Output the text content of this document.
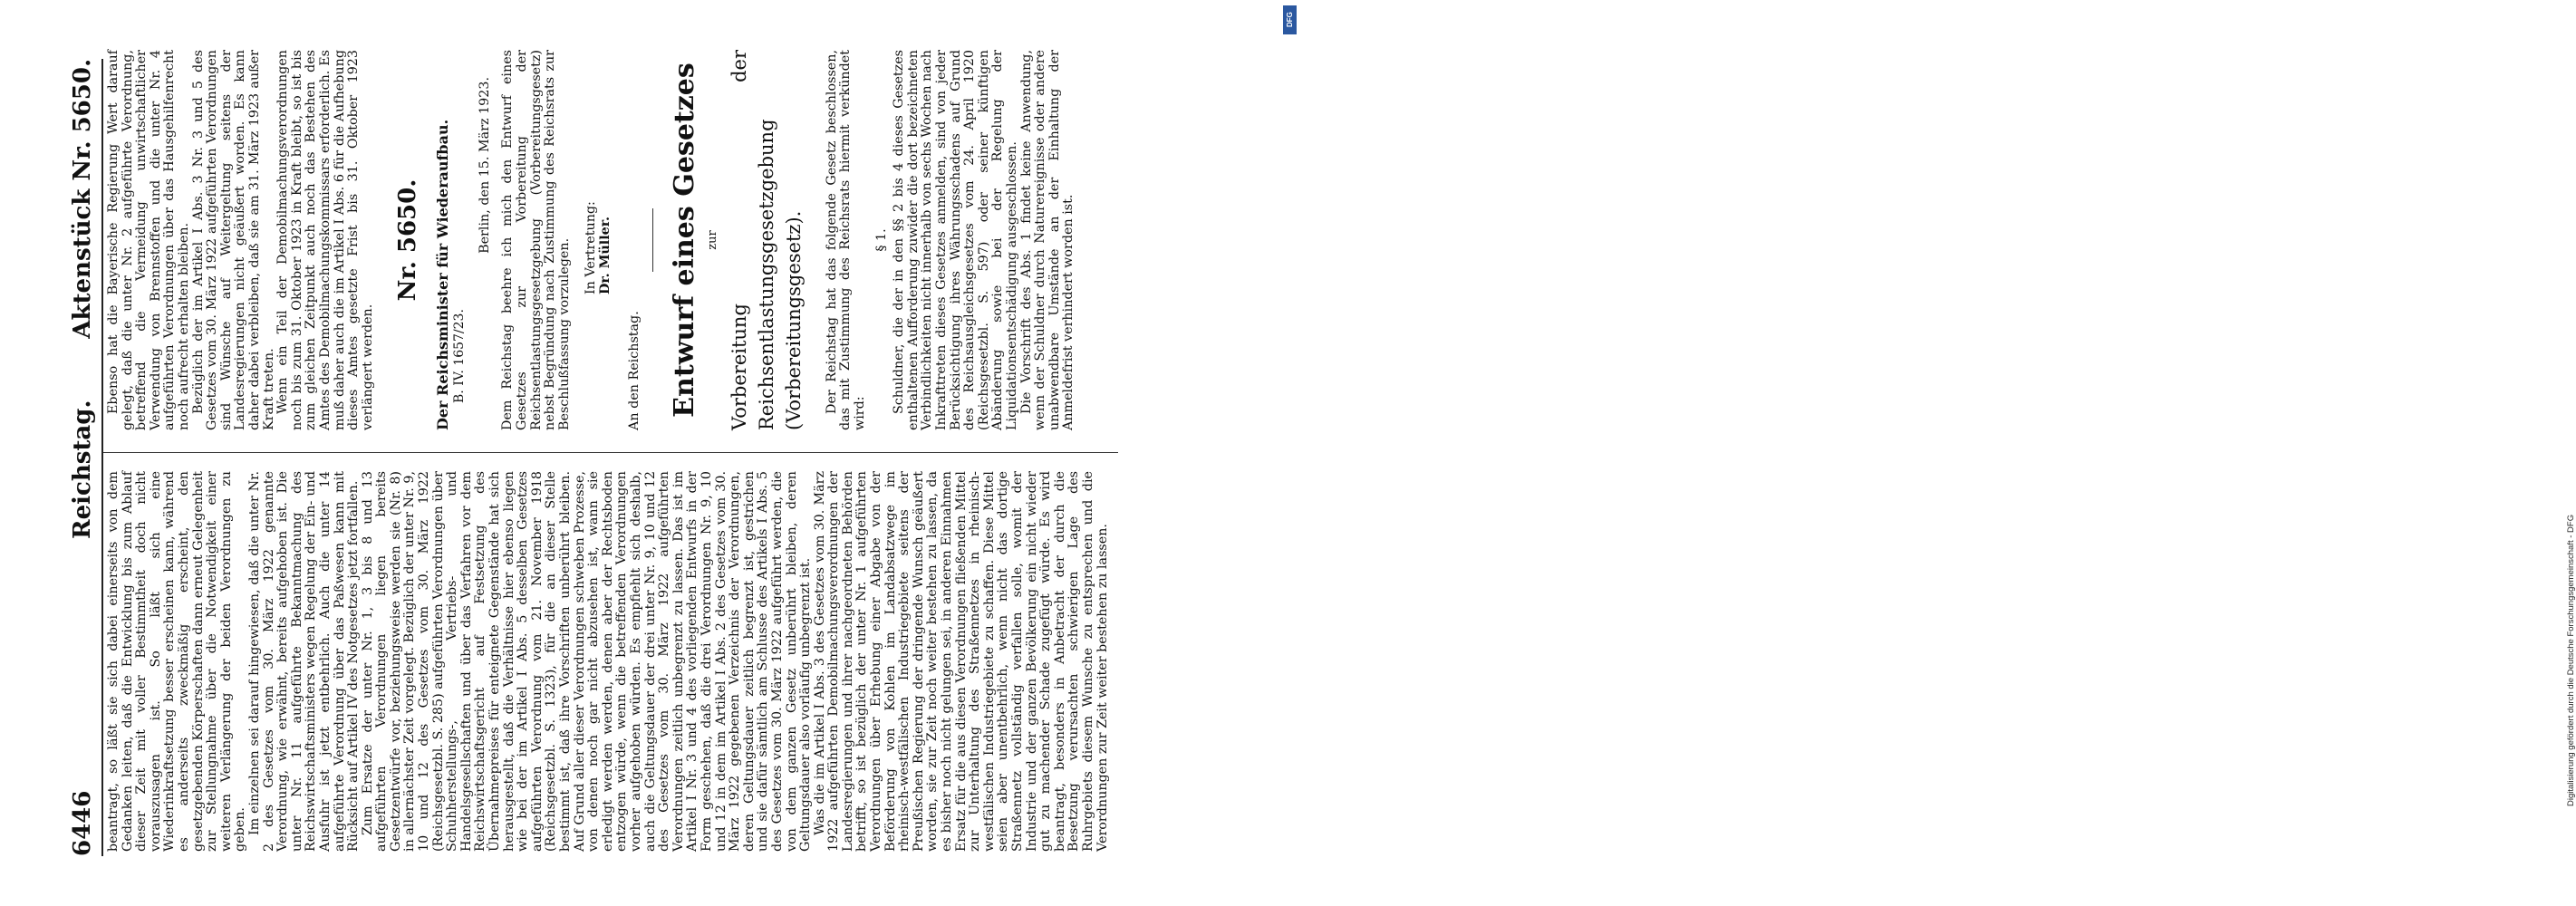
6446
Reichstag.
Aktenstück Nr. 5650.

beantragt, so läßt sie sich dabei einerseits von dem Gedanken leiten, daß die Entwicklung bis zum Ablauf dieser Zeit mit voller Bestimmtheit doch nicht vorauszusagen ist. So läßt sich eine Wiederinkraftsetzung besser erscheinen kann, während es anderseits zweckmäßig erscheint, den gesetzgebenden Körperschaften dann erneut Gelegenheit zur Stellungnahme über die Notwendigkeit einer weiteren Verlängerung der beiden Verordnungen zu geben. Im einzelnen sei darauf hingewiesen, daß die unter Nr. 2 des Gesetzes vom 30. März 1922 genannte Verordnung, wie erwähnt, bereits aufgehoben ist. Die unter Nr. 11 aufgeführte Bekanntmachung des Reichswirtschaftsministers wegen Regelung der Ein- und Ausfuhr ist jetzt entbehrlich. Auch die unter 14 aufgeführte Verordnung über das Paßwesen kann mit Rücksicht auf Artikel IV des Notgesetzes jetzt fortfallen. Zum Ersatze der unter Nr. 1, 3 bis 8 und 13 aufgeführten Verordnungen liegen bereits Gesetzentwürfe vor, beziehungsweise werden sie (Nr. 8) in allernächster Zeit vorgelegt. Bezüglich der unter Nr. 9, 10 und 12 des Gesetzes vom 30. März 1922 (Reichsgesetzbl. S. 285) aufgeführten Verordnungen über Schuhherstellungs-, Vertriebs- und Handelsgesellschaften und über das Verfahren vor dem Reichswirtschaftsgericht auf Festsetzung des Übernahmepreises für enteignete Gegenstände hat sich herausgestellt, daß die Verhältnisse hier ebenso liegen wie bei der im Artikel I Abs. 5 desselben Gesetzes aufgeführten Verordnung vom 21. November 1918 (Reichsgesetzbl. S. 1323), für die an dieser Stelle bestimmt ist, daß ihre Vorschriften unberührt bleiben. Auf Grund aller dieser Verordnungen schweben Prozesse, von denen noch gar nicht abzusehen ist, wann sie erledigt werden werden, denen aber der Rechtsboden entzogen würde, wenn die betreffenden Verordnungen vorher aufgehoben würden. Es empfiehlt sich deshalb, auch die Geltungsdauer der drei unter Nr. 9, 10 und 12 des Gesetzes vom 30. März 1922 aufgeführten Verordnungen zeitlich unbegrenzt zu lassen. Das ist im Artikel I Nr. 3 und 4 des vorliegenden Entwurfs in der Form geschehen, daß die drei Verordnungen Nr. 9, 10 und 12 in dem im Artikel I Abs. 2 des Gesetzes vom 30. März 1922 gegebenen Verzeichnis der Verordnungen, deren Geltungsdauer zeitlich begrenzt ist, gestrichen und sie dafür sämtlich am Schlusse des Artikels I Abs. 5 des Gesetzes vom 30. März 1922 aufgeführt werden, die von dem ganzen Gesetz unberührt bleiben, deren Geltungsdauer also vorläufig unbegrenzt ist. Was die im Artikel I Abs. 3 des Gesetzes vom 30. März 1922 aufgeführten Demobilmachungsverordnungen der Landesregierungen und ihrer nachgeordneten Behörden betrifft, so ist bezüglich der unter Nr. 1 aufgeführten Verordnungen über Erhebung einer Abgabe von der Beförderung von Kohlen im Landabsatzwege im rheinisch-westfälischen Industriegebiete seitens der Preußischen Regierung der dringende Wunsch geäußert worden, sie zur Zeit noch weiter bestehen zu lassen, da es bisher noch nicht gelungen sei, in anderen Einnahmen Ersatz für die aus diesen Verordnungen fließenden Mittel zur Unterhaltung des Straßennetzes in rheinisch-westfälischen Industriegebiete zu schaffen. Diese Mittel seien aber unentbehrlich, wenn nicht das dortige Straßennetz vollständig verfallen solle, womit der Industrie und der ganzen Bevölkerung ein nicht wieder gut zu machender Schade zugefügt würde. Es wird beantragt, besonders in Anbetracht der durch die Besetzung verursachten schwierigen Lage des Ruhrgebiets diesem Wunsche zu entsprechen und die Verordnungen zur Zeit weiter bestehen zu lassen.

Ebenso hat die Bayerische Regierung Wert darauf gelegt, daß die unter Nr. 2 aufgeführte Verordnung, betreffend die Vermeidung unwirtschaftlicher Verwendung von Brennstoffen und die unter Nr. 4 aufgeführten Verordnungen über das Hausgehilfenrecht noch aufrecht erhalten bleiben. Bezüglich der im Artikel I Abs. 3 Nr. 3 und 5 des Gesetzes vom 30. März 1922 aufgeführten Verordnungen sind Wünsche auf Weitergeltung seitens der Landesregierungen nicht geäußert worden. Es kann daher dabei verbleiben, daß sie am 31. März 1923 außer Kraft treten. Wenn ein Teil der Demobilmachungsverordnungen noch bis zum 31. Oktober 1923 in Kraft bleibt, so ist bis zum gleichen Zeitpunkt auch noch das Bestehen des Amtes des Demobilmachungskommissars erforderlich. Es muß daher auch die im Artikel I Abs. 6 für die Aufhebung dieses Amtes gesetzte Frist bis 31. Oktober 1923 verlängert werden.

Nr. 5650. Der Reichsminister für Wiederaufbau. B. IV. 1657/23.
Berlin, den 15. März 1923. Dem Reichstag beehre ich mich den Entwurf eines Gesetzes zur Vorbereitung der Reichsentlastungsgesetzgebung (Vorbereitungsgesetz) nebst Begründung nach Zustimmung des Reichsrats zur Beschlußfassung vorzulegen. In Vertretung: Dr. Müller.
An den Reichstag. Entwurf eines Gesetzes zur Vorbereitung der Reichsentlastungsgesetzgebung (Vorbereitungsgesetz). Der Reichstag hat das folgende Gesetz beschlossen, das mit Zustimmung des Reichsrats hiermit verkündet wird:

§ 1. Schuldner, die der in den §§ 2 bis 4 dieses Gesetzes enthaltenen Aufforderung zuwider die dort bezeichneten Verbindlichkeiten nicht innerhalb von sechs Wochen nach Inkrafttreten dieses Gesetzes anmelden, sind von jeder Berücksichtigung ihres Währungsschadens auf Grund des Reichsausgleichsgesetzes vom 24. April 1920 (Reichsgesetzbl. S. 597) oder seiner künftigen Abänderung sowie bei der Regelung der Liquidationsentschädigung ausgeschlossen. Die Vorschrift des Abs. 1 findet keine Anwendung, wenn der Schuldner durch Naturereignisse oder andere unabwendbare Umstände an der Einhaltung der Anmeldefrist verhindert worden ist.

Digitalisierung gefördert durch die Deutsche Forschungsgemeinschaft - DFG
DFG
